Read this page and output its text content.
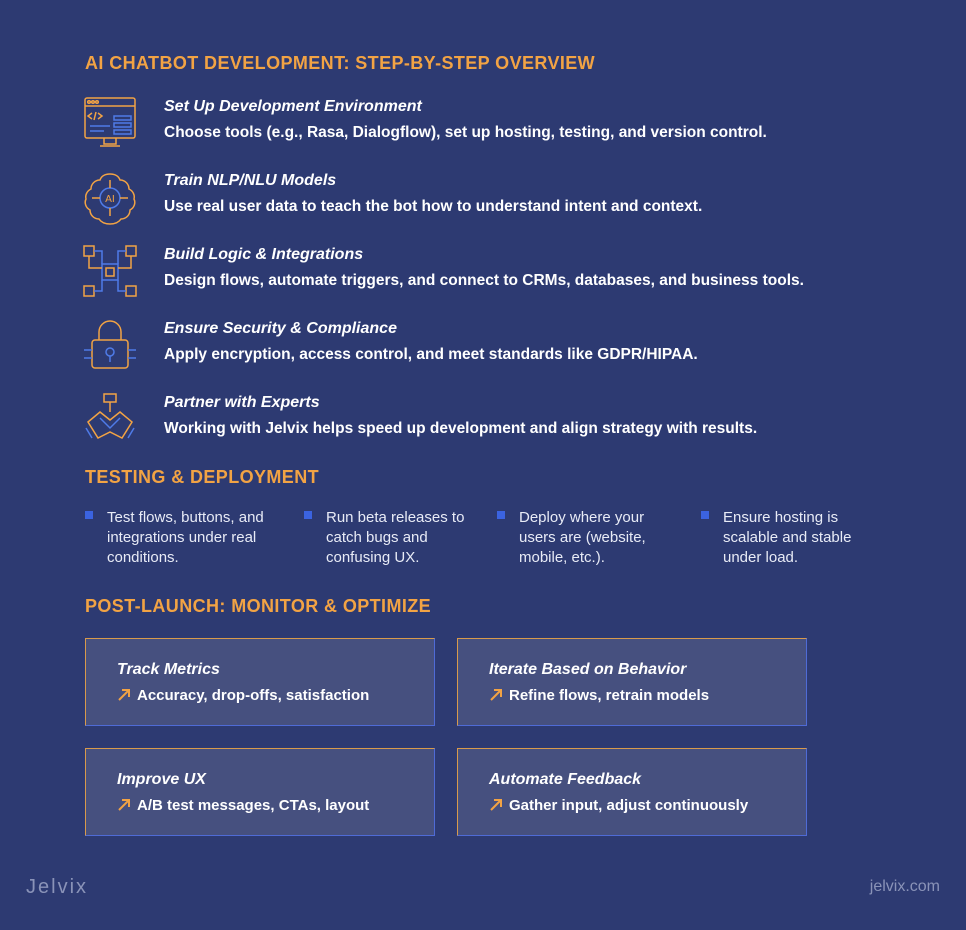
AI CHATBOT DEVELOPMENT: STEP-BY-STEP OVERVIEW
Set Up Development Environment
Choose tools (e.g., Rasa, Dialogflow), set up hosting, testing, and version control.
AI
Train NLP/NLU Models
Use real user data to teach the bot how to understand intent and context.
Build Logic & Integrations
Design flows, automate triggers, and connect to CRMs, databases, and business tools.
Ensure Security & Compliance
Apply encryption, access control, and meet standards like GDPR/HIPAA.
Partner with Experts
Working with Jelvix helps speed up development and align strategy with results.
TESTING & DEPLOYMENT
Test flows, buttons, and integrations under real conditions.
Run beta releases to catch bugs and confusing UX.
Deploy where your users are (website, mobile, etc.).
Ensure hosting is scalable and stable under load.
POST-LAUNCH: MONITOR & OPTIMIZE
Track Metrics
Accuracy, drop-offs, satisfaction
Iterate Based on Behavior
Refine flows, retrain models
Improve UX
A/B test messages, CTAs, layout
Automate Feedback
Gather input, adjust continuously
Jelvix	jelvix.com
